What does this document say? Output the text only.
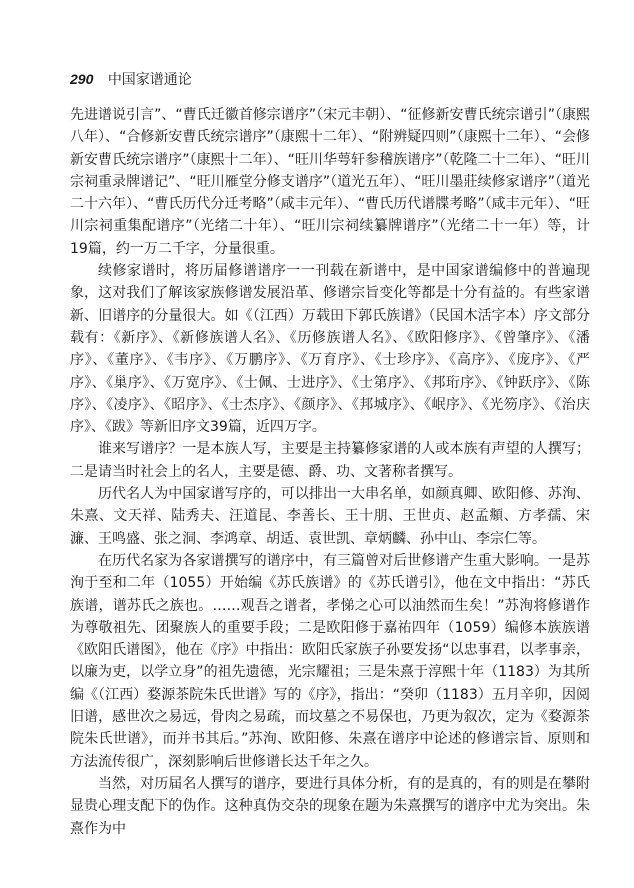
290 中国家谱通论

先进谱说引言”、“曹氏迁徽首修宗谱序”（宋元丰朝）、“征修新安曹氏统宗谱引”（康熙八年）、“合修新安曹氏统宗谱序”（康熙十二年）、“附辨疑四则”（康熙十二年）、“会修新安曹氏统宗谱序”（康熙十二年）、“旺川华萼轩参稽族谱序”（乾隆二十二年）、“旺川宗祠重录牌谱记”、“旺川雁堂分修支谱序”（道光五年）、“旺川墨莊续修家谱序”（道光二十六年）、“曹氏历代分迁考略”（咸丰元年）、“曹氏历代谱牒考略”（咸丰元年）、“旺川宗祠重集配谱序”（光绪二十年）、“旺川宗祠续纂牌谱序”（光绪二十一年）等，计19篇，约一万二千字，分量很重。

续修家谱时，将历届修谱谱序一一刊载在新谱中，是中国家谱编修中的普遍现象，这对我们了解该家族修谱发展沿革、修谱宗旨变化等都是十分有益的。有些家谱新、旧谱序的分量很大。如《（江西）万载田下郭氏族谱》（民国木活字本）序文部分载有：《新序》、《新修族谱人名》、《历修族谱人名》、《欧阳修序》、《曾肇序》、《潘序》、《董序》、《韦序》、《万鹏序》、《万育序》、《士珍序》、《高序》、《庞序》、《严序》、《巢序》、《万宽序》、《士佩、士进序》、《士第序》、《邦珩序》、《钟跃序》、《陈序》、《凌序》、《昭序》、《士杰序》、《颜序》、《邦城序》、《岷序》、《光笏序》、《治庆序》、《跋》等新旧序文39篇，近四万字。

谁来写谱序？一是本族人写，主要是主持纂修家谱的人或本族有声望的人撰写；二是请当时社会上的名人，主要是德、爵、功、文著称者撰写。

历代名人为中国家谱写序的，可以排出一大串名单，如颜真卿、欧阳修、苏洵、朱熹、文天祥、陆秀夫、汪道昆、李善长、王十朋、王世贞、赵孟頫、方孝孺、宋濂、王鸣盛、张之洞、李鸿章、胡适、袁世凯、章炳麟、孙中山、李宗仁等。

在历代名家为各家谱撰写的谱序中，有三篇曾对后世修谱产生重大影响。一是苏洵于至和二年（1055）开始编《苏氏族谱》的《苏氏谱引》，他在文中指出：“苏氏族谱，谱苏氏之族也。……观吾之谱者，孝悌之心可以油然而生矣！”苏洵将修谱作为尊敬祖先、团聚族人的重要手段；二是欧阳修于嘉祐四年（1059）编修本族族谱《欧阳氏谱图》，他在《序》中指出：欧阳氏家族子孙要发扬“以忠事君，以孝事亲，以廉为吏，以学立身”的祖先遗德，光宗耀祖；三是朱熹于淳熙十年（1183）为其所编《（江西）婺源茶院朱氏世谱》写的《序》，指出：“癸卯（1183）五月辛卯，因阅旧谱，感世次之易远，骨肉之易疏，而坟墓之不易保也，乃更为叙次，定为《婺源茶院朱氏世谱》，而并书其后。”苏洵、欧阳修、朱熹在谱序中论述的修谱宗旨、原则和方法流传很广，深刻影响后世修谱长达千年之久。

当然，对历届名人撰写的谱序，要进行具体分析，有的是真的，有的则是在攀附显贵心理支配下的伪作。这种真伪交杂的现象在题为朱熹撰写的谱序中尤为突出。朱熹作为中
